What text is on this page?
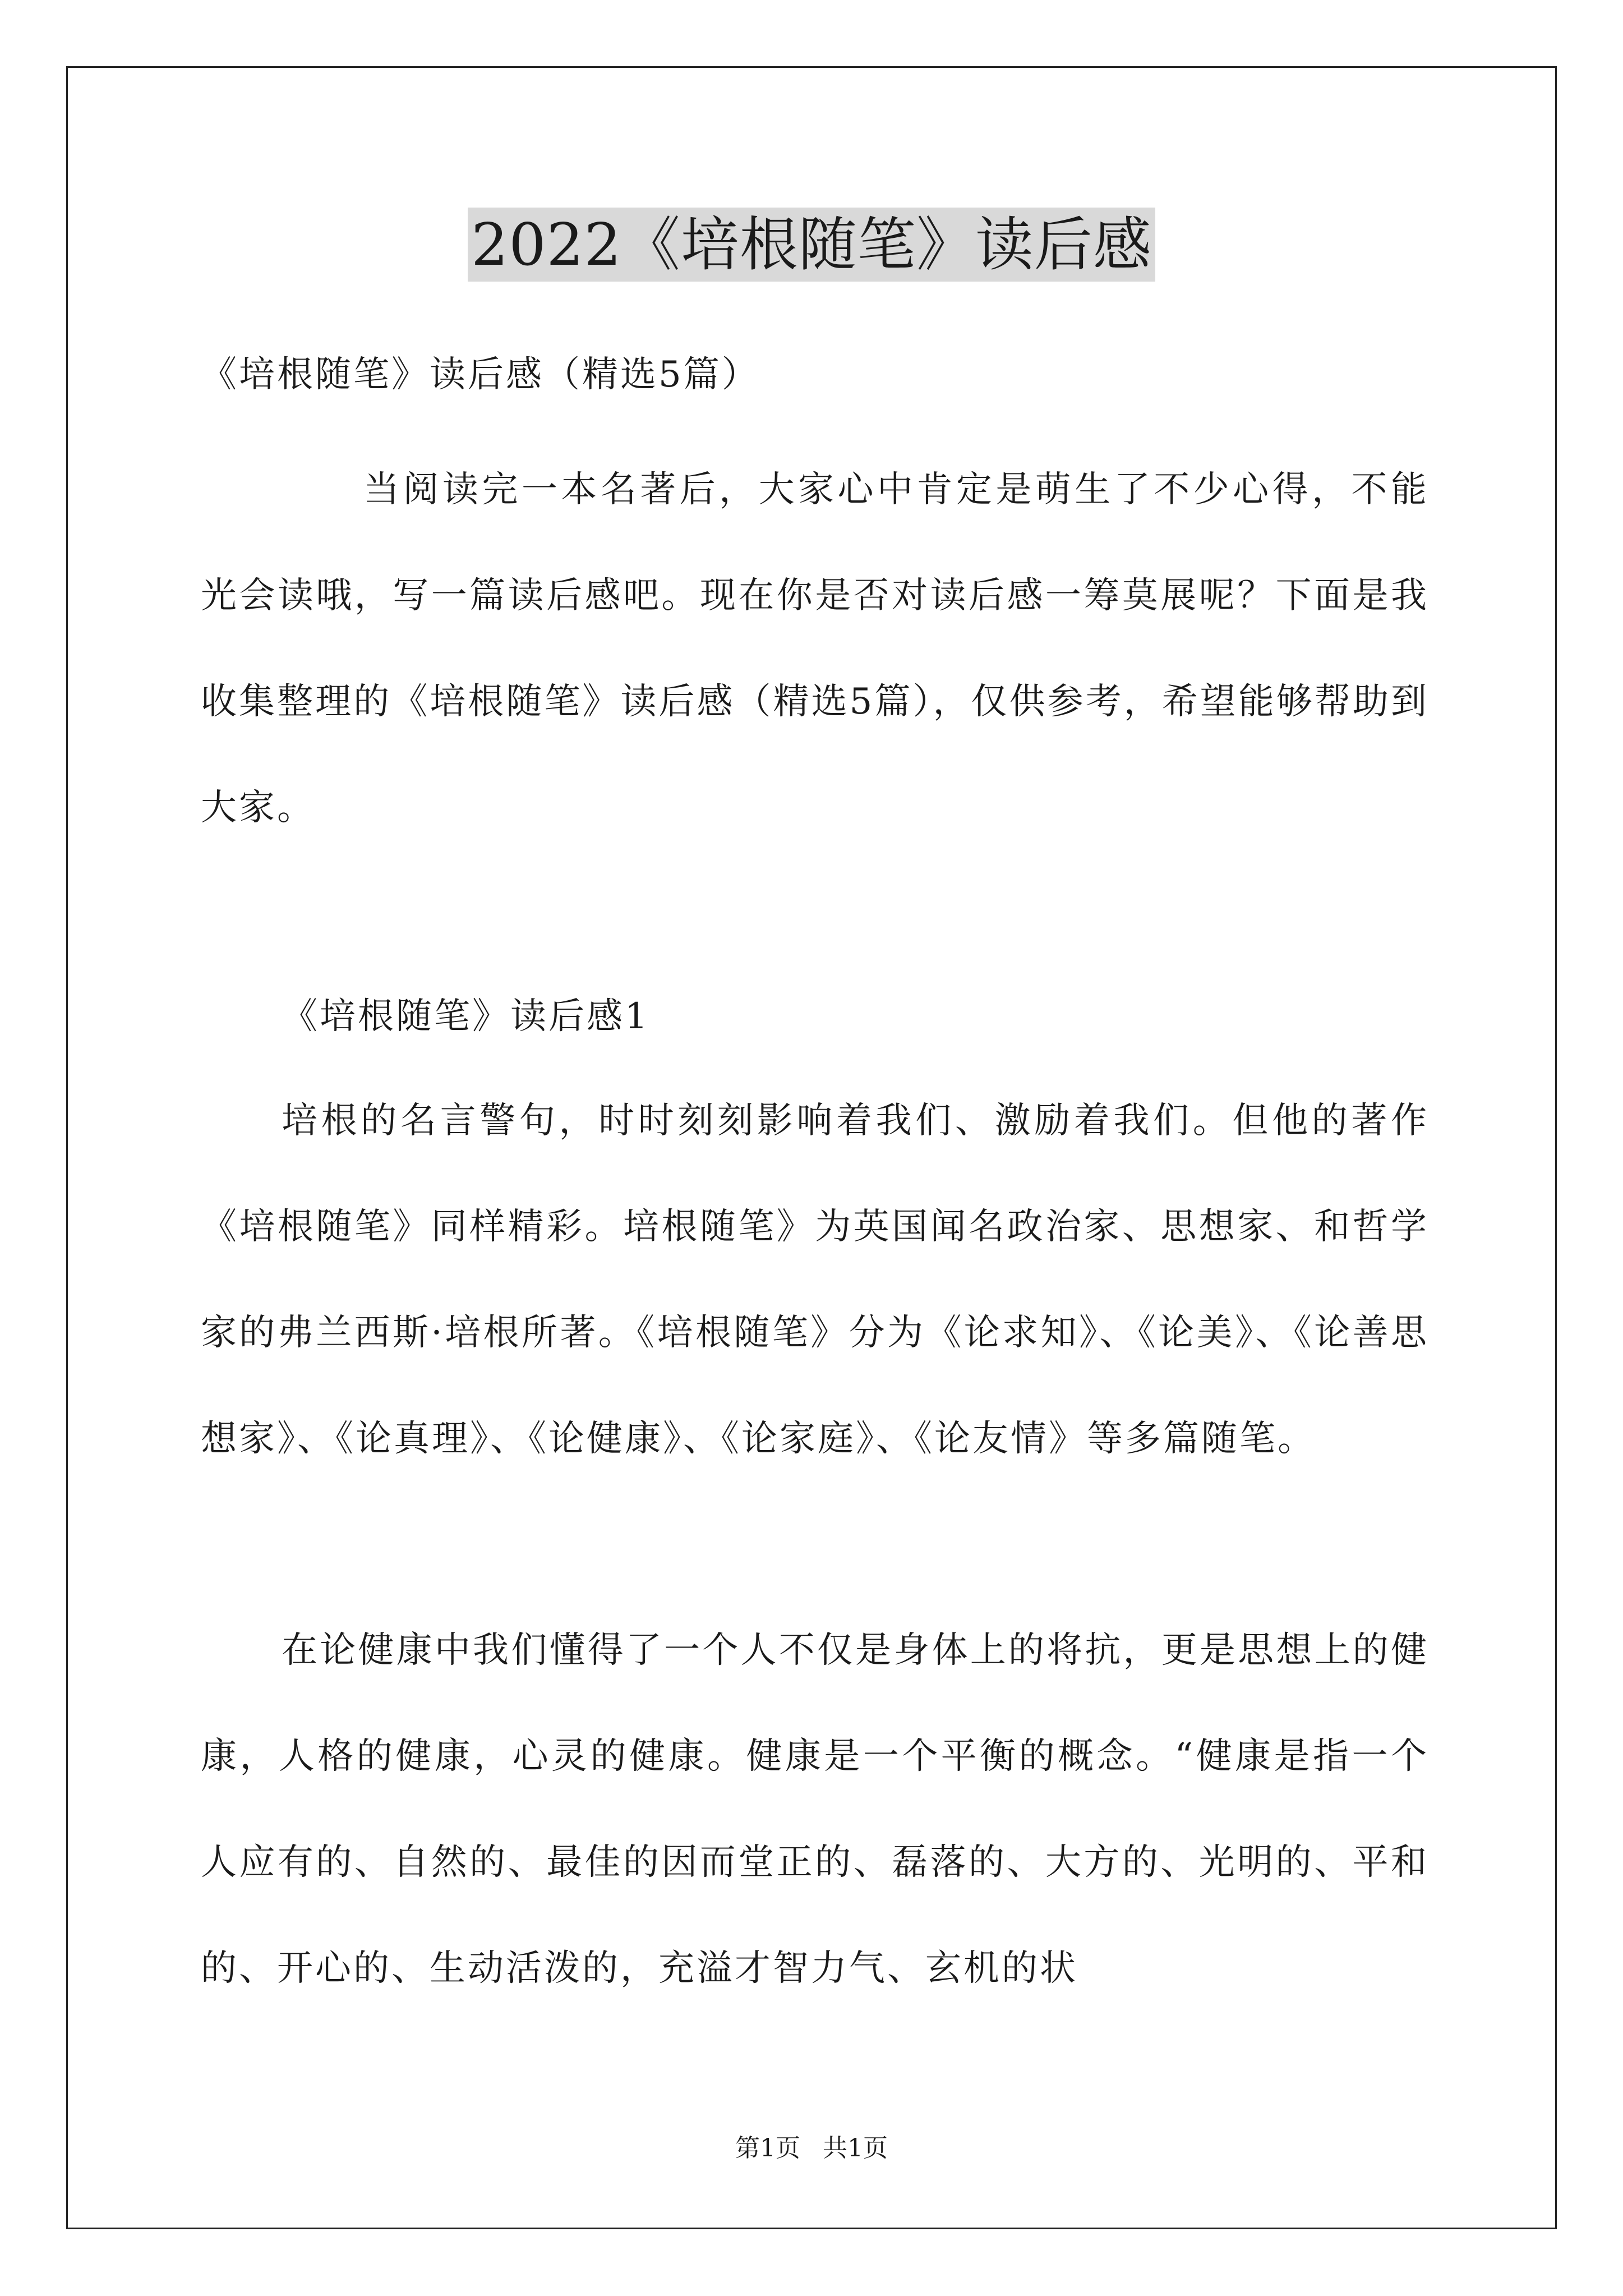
2022《培根随笔》读后感

《培根随笔》读后感（精选5篇）

当阅读完一本名著后，大家心中肯定是萌生了不少心得，不能光会读哦，写一篇读后感吧。现在你是否对读后感一筹莫展呢？下面是我收集整理的《培根随笔》读后感（精选5篇），仅供参考，希望能够帮助到大家。

《培根随笔》读后感1

培根的名言警句，时时刻刻影响着我们、激励着我们。但他的著作《培根随笔》同样精彩。培根随笔》为英国闻名政治家、思想家、和哲学家的弗兰西斯·培根所著。《培根随笔》分为《论求知》、《论美》、《论善思想家》、《论真理》、《论健康》、《论家庭》、《论友情》等多篇随笔。

在论健康中我们懂得了一个人不仅是身体上的将抗，更是思想上的健康，人格的健康，心灵的健康。健康是一个平衡的概念。“健康是指一个人应有的、自然的、最佳的因而堂正的、磊落的、大方的、光明的、平和的、开心的、生动活泼的，充溢才智力气、玄机的状

第1页 共1页
